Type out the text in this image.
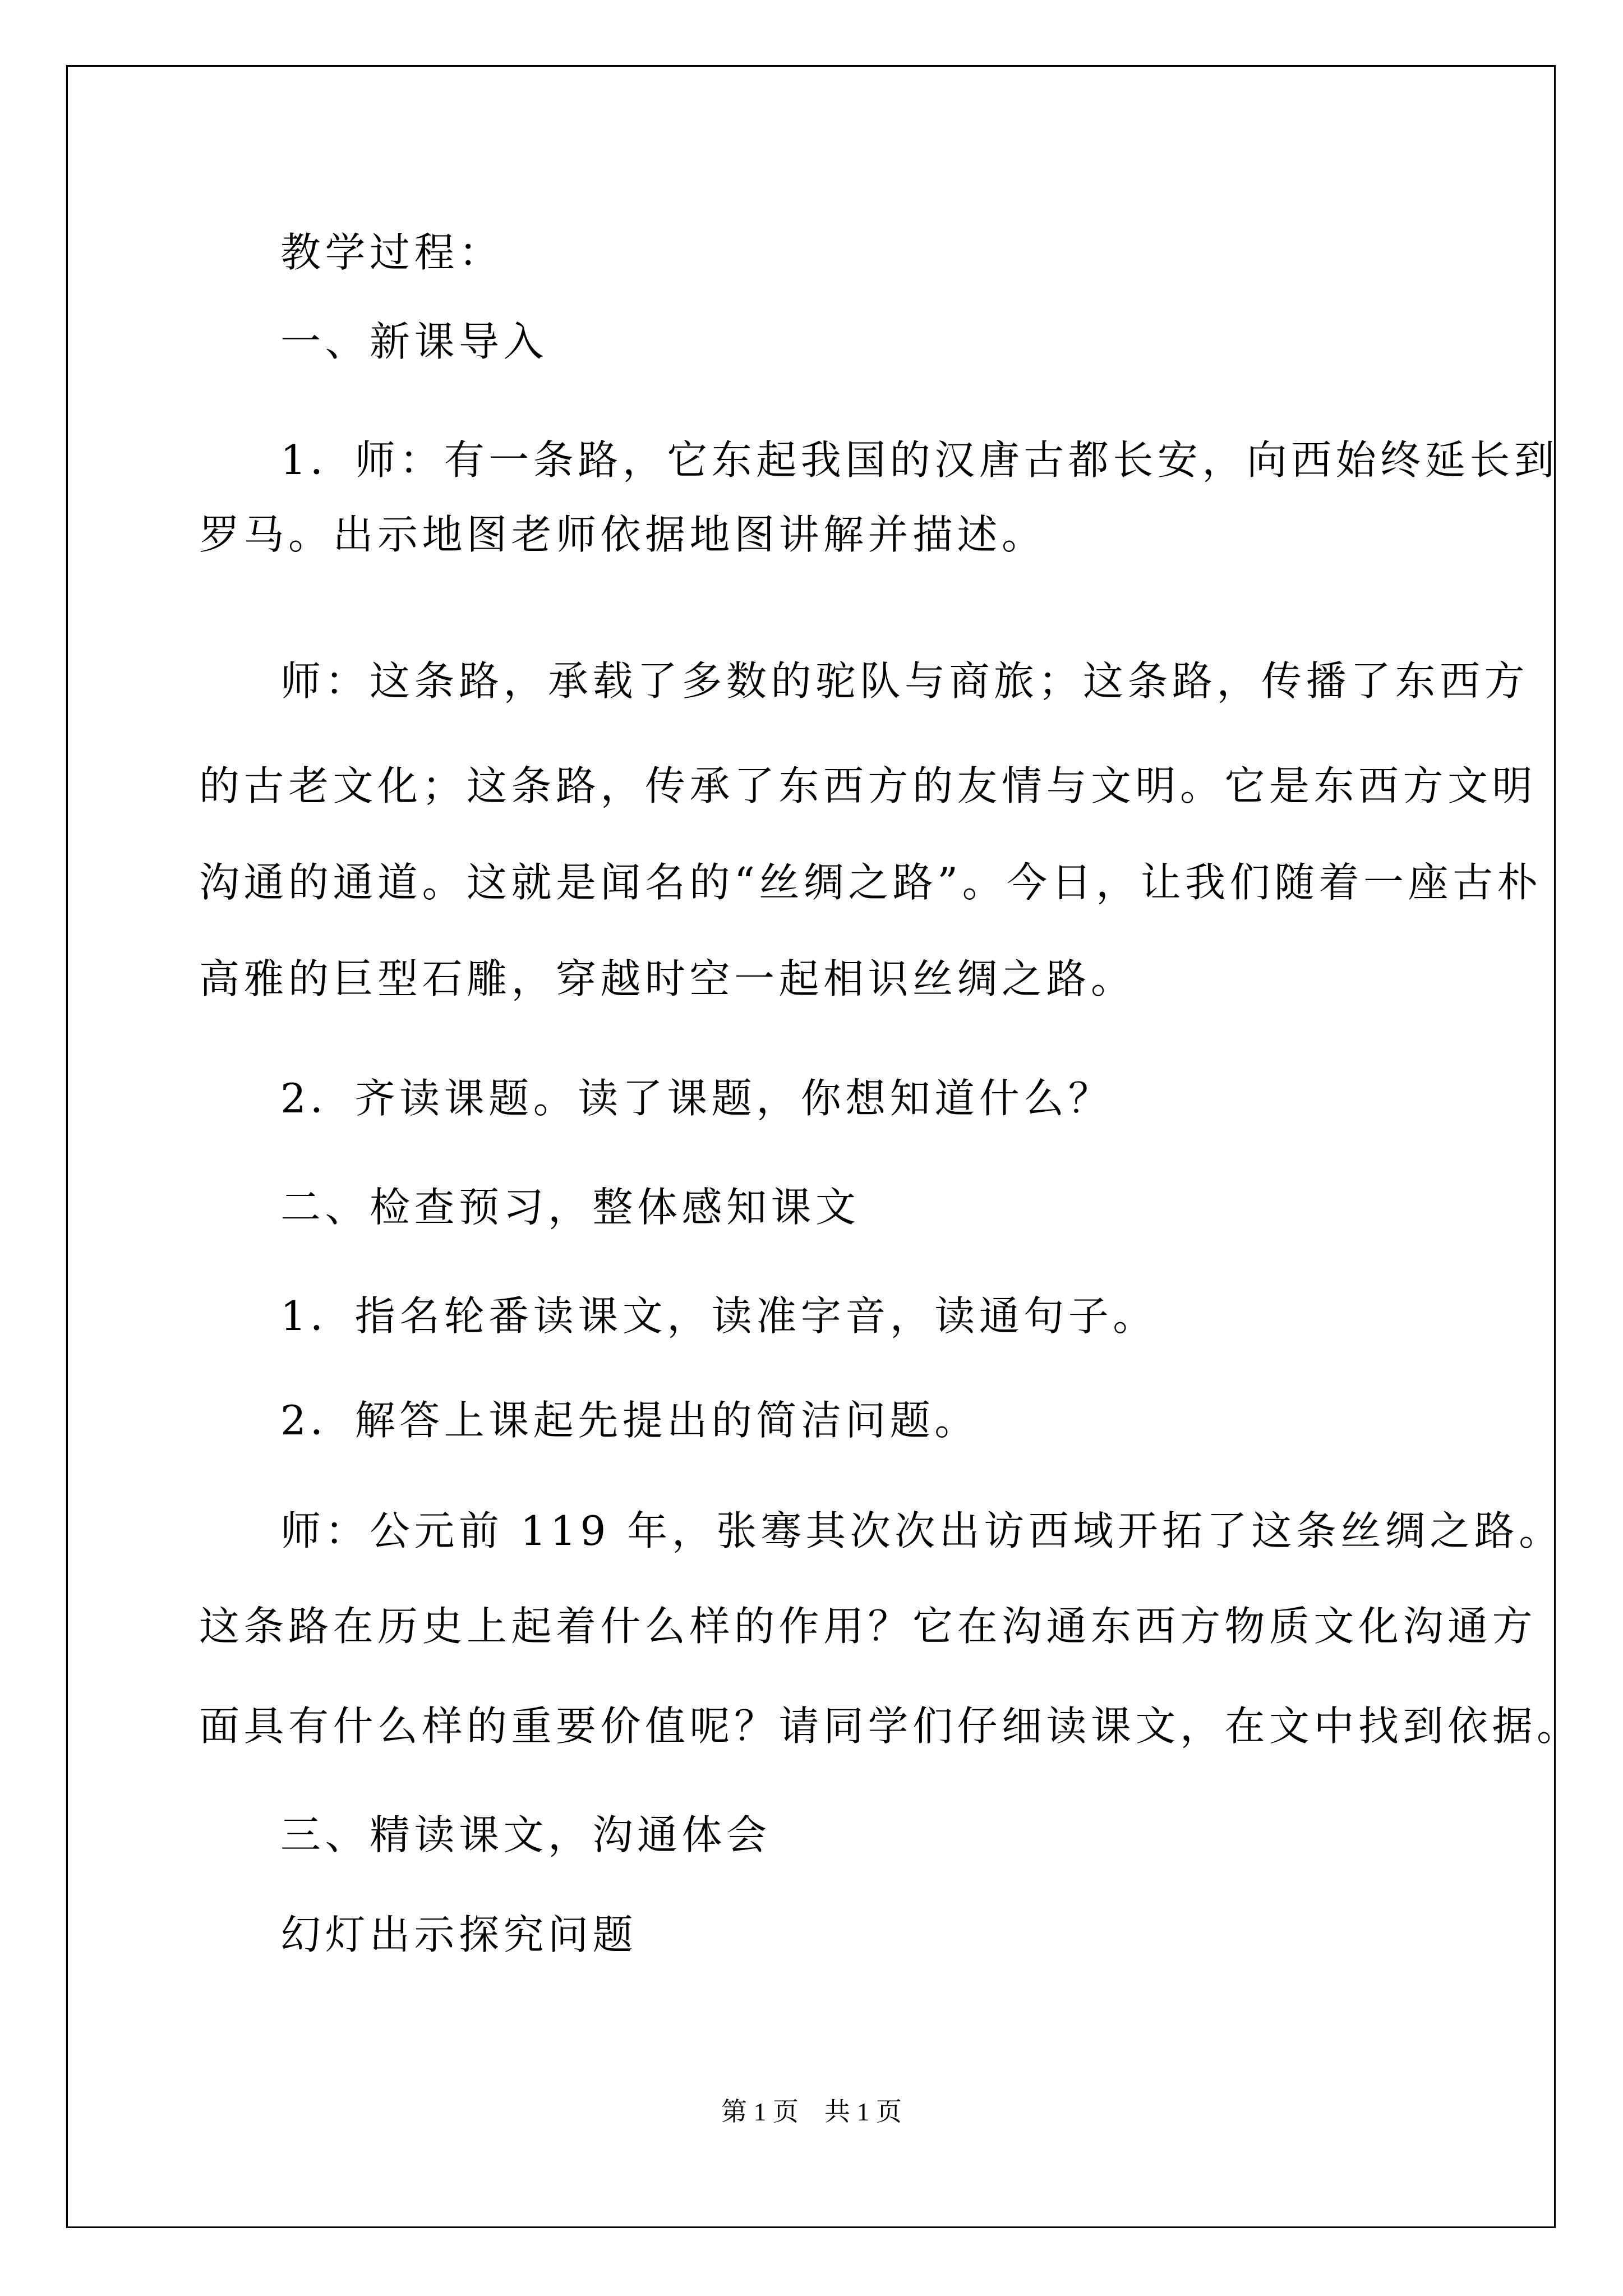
教学过程：
一、新课导入
1．师：有一条路，它东起我国的汉唐古都长安，向西始终延长到
罗马。出示地图老师依据地图讲解并描述。
师：这条路，承载了多数的驼队与商旅；这条路，传播了东西方
的古老文化；这条路，传承了东西方的友情与文明。它是东西方文明
沟通的通道。这就是闻名的“丝绸之路”。今日，让我们随着一座古朴
高雅的巨型石雕，穿越时空一起相识丝绸之路。
2．齐读课题。读了课题，你想知道什么？
二、检查预习，整体感知课文
1．指名轮番读课文，读准字音，读通句子。
2．解答上课起先提出的简洁问题。
师：公元前 119 年，张骞其次次出访西域开拓了这条丝绸之路。
这条路在历史上起着什么样的作用？它在沟通东西方物质文化沟通方
面具有什么样的重要价值呢？请同学们仔细读课文，在文中找到依据。
三、精读课文，沟通体会
幻灯出示探究问题
第 1 页    共 1 页
